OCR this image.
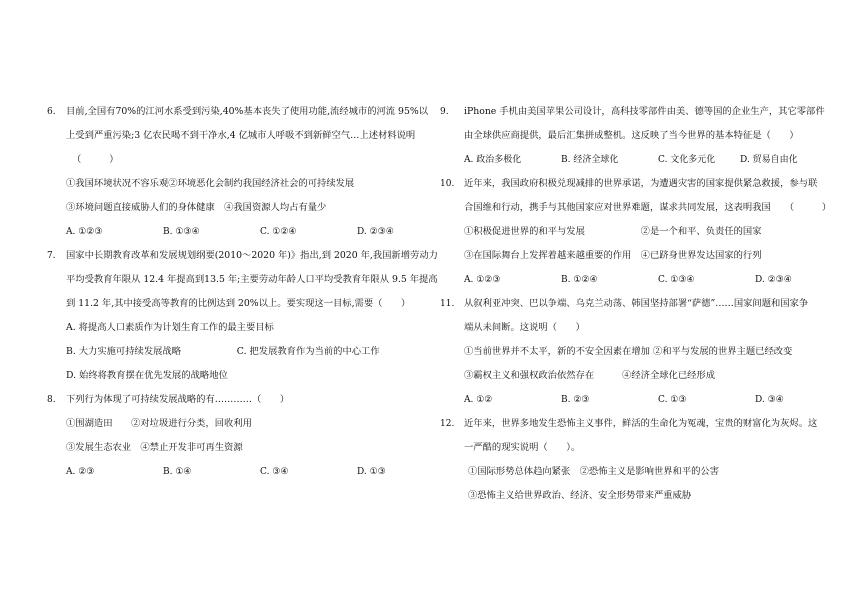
6. 目前,全国有70%的江河水系受到污染,40%基本丧失了使用功能,流经城市的河流 95%以
上受到严重污染;3 亿农民喝不到干净水,4 亿城市人呼吸不到新鲜空气…上述材料说明
（　　　）
①我国环境状况不容乐观②环境恶化会制约我国经济社会的可持续发展
③环境问题直接威胁人们的身体健康　④我国资源人均占有量少
A. ①②③	B. ①③④	C. ①②④	D. ②③④
7. 国家中长期教育改革和发展规划纲要(2010～2020 年)》指出,到 2020 年,我国新增劳动力
平均受教育年限从 12.4 年提高到13.5 年;主要劳动年龄人口平均受教育年限从 9.5 年提高
到 11.2 年,其中接受高等教育的比例达到 20%以上。要实现这一目标,需要（　　）
A. 将提高人口素质作为计划生育工作的最主要目标
B. 大力实施可持续发展战略　　　　　　C. 把发展教育作为当前的中心工作
D. 始终将教育摆在优先发展的战略地位
8. 下列行为体现了可持续发展战略的有…………（　　）
①围湖造田　　②对垃圾进行分类，回收利用
③发展生态农业　④禁止开发非可再生资源
A. ②③	B. ①④	C. ③④	D. ①③
9. iPhone 手机由美国苹果公司设计，高科技零部件由美、德等国的企业生产，其它零部件
由全球供应商提供，最后汇集拼成整机。这反映了当今世界的基本特征是（　　）
A. 政治多极化	B. 经济全球化	C. 文化多元化	D. 贸易自由化
10. 近年来，我国政府积极兑现减排的世界承诺，为遭遇灾害的国家提供紧急救援，参与联
合国维和行动，携手与其他国家应对世界难题，谋求共同发展，这表明我国　　（　　　）
①积极促进世界的和平与发展　　　　　　②是一个和平、负责任的国家
③在国际舞台上发挥着越来越重要的作用　④已跻身世界发达国家的行列
A. ①②③	B. ①②④	C. ①③④	D. ②③④
11. 从叙利亚冲突、巴以争端、乌克兰动荡、韩国坚持部署“萨德”……国家间题和国家争
端从未间断。这说明（　　）
①当前世界并不太平，新的不安全因素在增加 ②和平与发展的世界主题已经改变
③霸权主义和强权政治依然存在　　　④经济全球化已经形成
A. ①②	B. ②③	C. ①③	D. ③④
12. 近年来，世界多地发生恐怖主义事件，鲜活的生命化为冤魂，宝贵的财富化为灰烬。这
一严酷的现实说明（　　）。
①国际形势总体趋向紧张　②恐怖主义是影响世界和平的公害
③恐怖主义给世界政治、经济、安全形势带来严重威胁
